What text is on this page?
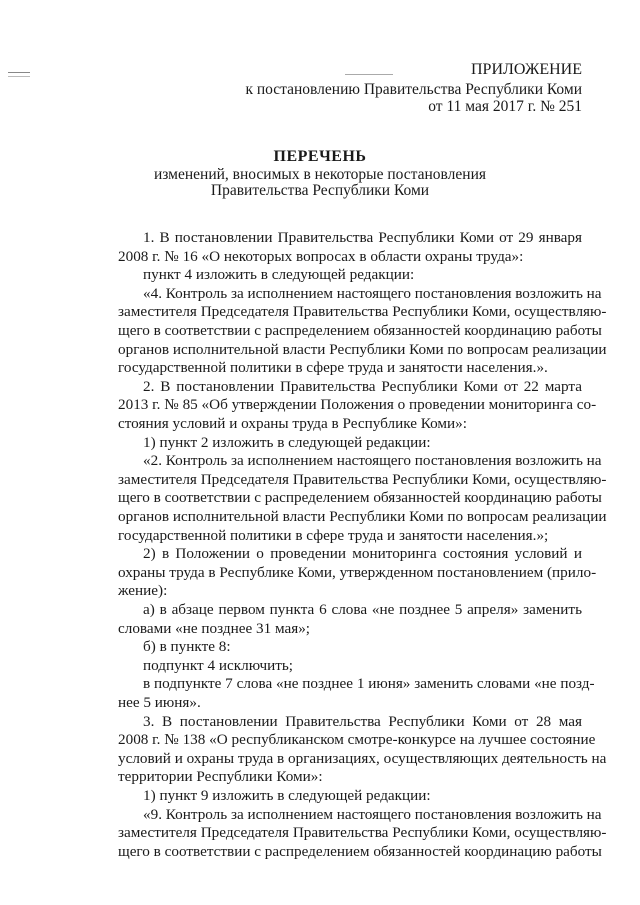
ПРИЛОЖЕНИЕ
к постановлению Правительства Республики Коми
от 11 мая 2017 г. № 251
ПЕРЕЧЕНЬ
изменений, вносимых в некоторые постановления
Правительства Республики Коми
1. В постановлении Правительства Республики Коми от 29 января
2008 г. № 16 «О некоторых вопросах в области охраны труда»:
пункт 4 изложить в следующей редакции:
«4. Контроль за исполнением настоящего постановления возложить на
заместителя Председателя Правительства Республики Коми, осуществляю-
щего в соответствии с распределением обязанностей координацию работы
органов исполнительной власти Республики Коми по вопросам реализации
государственной политики в сфере труда и занятости населения.».
2. В постановлении Правительства Республики Коми от 22 марта
2013 г. № 85 «Об утверждении Положения о проведении мониторинга со-
стояния условий и охраны труда в Республике Коми»:
1) пункт 2 изложить в следующей редакции:
«2. Контроль за исполнением настоящего постановления возложить на
заместителя Председателя Правительства Республики Коми, осуществляю-
щего в соответствии с распределением обязанностей координацию работы
органов исполнительной власти Республики Коми по вопросам реализации
государственной политики в сфере труда и занятости населения.»;
2) в Положении о проведении мониторинга состояния условий и
охраны труда в Республике Коми, утвержденном постановлением (прило-
жение):
а) в абзаце первом пункта 6 слова «не позднее 5 апреля» заменить
словами «не позднее 31 мая»;
б) в пункте 8:
подпункт 4 исключить;
в подпункте 7 слова «не позднее 1 июня» заменить словами «не позд-
нее 5 июня».
3. В постановлении Правительства Республики Коми от 28 мая
2008 г. № 138 «О республиканском смотре-конкурсе на лучшее состояние
условий и охраны труда в организациях, осуществляющих деятельность на
территории Республики Коми»:
1) пункт 9 изложить в следующей редакции:
«9. Контроль за исполнением настоящего постановления возложить на
заместителя Председателя Правительства Республики Коми, осуществляю-
щего в соответствии с распределением обязанностей координацию работы
